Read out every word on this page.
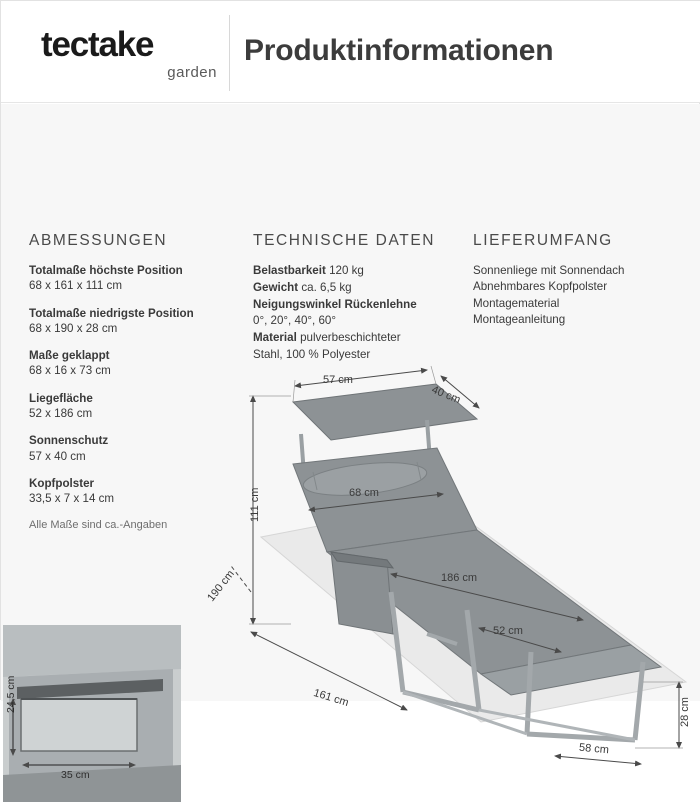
tectake
garden
Produktinformationen
ABMESSUNGEN
Totalmaße höchste Position
68 x 161 x 111 cm
Totalmaße niedrigste Position
68 x 190 x 28 cm
Maße geklappt
68 x 16 x 73 cm
Liegefläche
52 x 186 cm
Sonnenschutz
57 x 40 cm
Kopfpolster
33,5 x 7 x 14 cm
Alle Maße sind ca.-Angaben
TECHNISCHE DATEN
Belastbarkeit 120 kg
Gewicht ca. 6,5 kg
Neigungswinkel Rückenlehne
0°, 20°, 40°, 60°
Material pulverbeschichteter
Stahl, 100 % Polyester
LIEFERUMFANG
Sonnenliege mit Sonnendach
Abnehmbares Kopfpolster
Montagematerial
Montageanleitung
57 cm
40 cm
111 cm	68 cm
186 cm
190 cm
52 cm
161 cm	28 cm
58 cm
24,5 cm
35 cm
